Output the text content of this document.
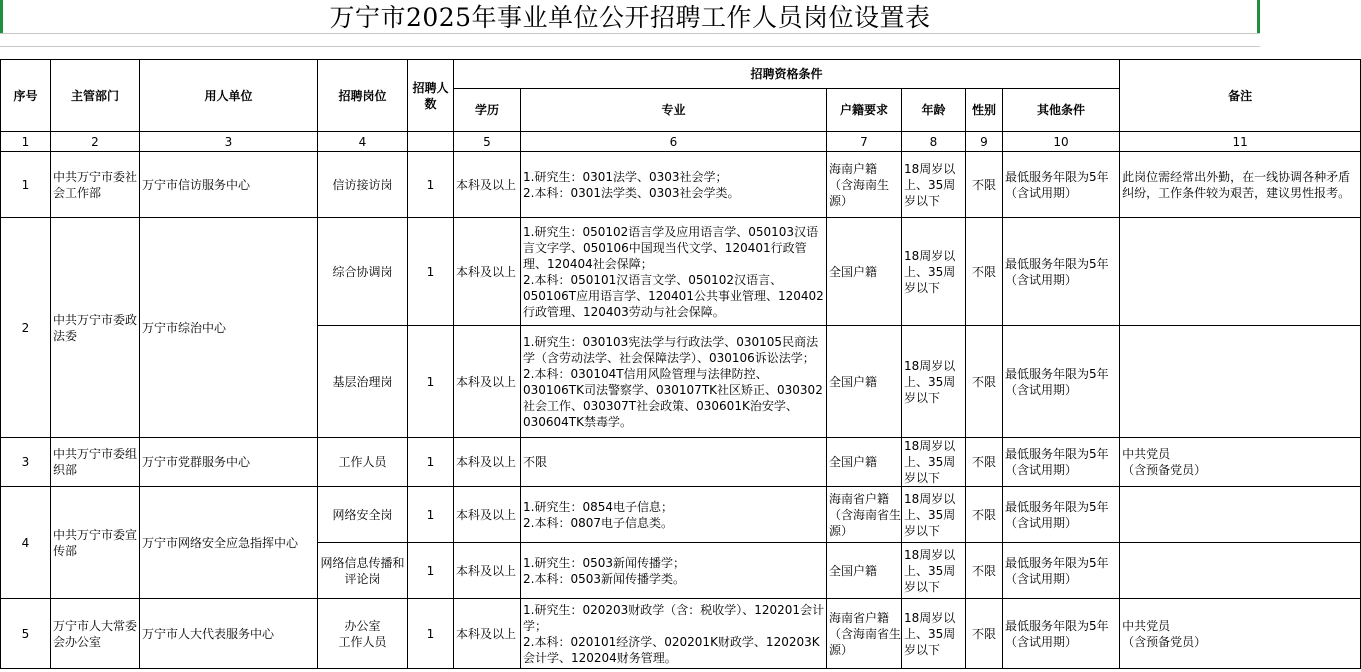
万宁市2025年事业单位公开招聘工作人员岗位设置表
序号	主管部门	用人单位	招聘岗位	招聘人数	招聘资格条件						备注
					学历	专业	户籍要求	年龄	性别	其他条件	
1	2	3	4		5	6	7	8	9	10	11
1	中共万宁市委社会工作部	万宁市信访服务中心	信访接访岗	1	本科及以上	1.研究生：0301法学、0303社会学；
2.本科：0301法学类、0303社会学类。	海南户籍
（含海南生源）	18周岁以上、35周岁以下	不限	最低服务年限为5年（含试用期）	此岗位需经常出外勤，在一线协调各种矛盾纠纷，工作条件较为艰苦，建议男性报考。
2	中共万宁市委政法委	万宁市综治中心	综合协调岗	1	本科及以上	1.研究生：050102语言学及应用语言学、050103汉语言文字学、050106中国现当代文学、120401行政管理、120404社会保障；
2.本科：050101汉语言文学、050102汉语言、050106T应用语言学、120401公共事业管理、120402行政管理、120403劳动与社会保障。	全国户籍	18周岁以上、35周岁以下	不限	最低服务年限为5年（含试用期）	
			基层治理岗	1	本科及以上	1.研究生：030103宪法学与行政法学、030105民商法学（含劳动法学、社会保障法学）、030106诉讼法学；
2.本科：030104T信用风险管理与法律防控、030106TK司法警察学、030107TK社区矫正、030302社会工作、030307T社会政策、030601K治安学、030604TK禁毒学。	全国户籍	18周岁以上、35周岁以下	不限	最低服务年限为5年（含试用期）	
3	中共万宁市委组织部	万宁市党群服务中心	工作人员	1	本科及以上	不限	全国户籍	18周岁以上、35周岁以下	不限	最低服务年限为5年（含试用期）	中共党员
（含预备党员）
4	中共万宁市委宣传部	万宁市网络安全应急指挥中心	网络安全岗	1	本科及以上	1.研究生：0854电子信息；
2.本科：0807电子信息类。	海南省户籍
（含海南省生源）	18周岁以上、35周岁以下	不限	最低服务年限为5年（含试用期）	
			网络信息传播和评论岗	1	本科及以上	1.研究生：0503新闻传播学；
2.本科：0503新闻传播学类。	全国户籍	18周岁以上、35周岁以下	不限	最低服务年限为5年（含试用期）	
5	万宁市人大常委会办公室	万宁市人大代表服务中心	办公室
工作人员	1	本科及以上	1.研究生：020203财政学（含：税收学）、120201会计学；
2.本科：020101经济学、020201K财政学、120203K会计学、120204财务管理。	海南省户籍
（含海南省生源）	18周岁以上、35周岁以下	不限	最低服务年限为5年（含试用期）	中共党员
（含预备党员）
